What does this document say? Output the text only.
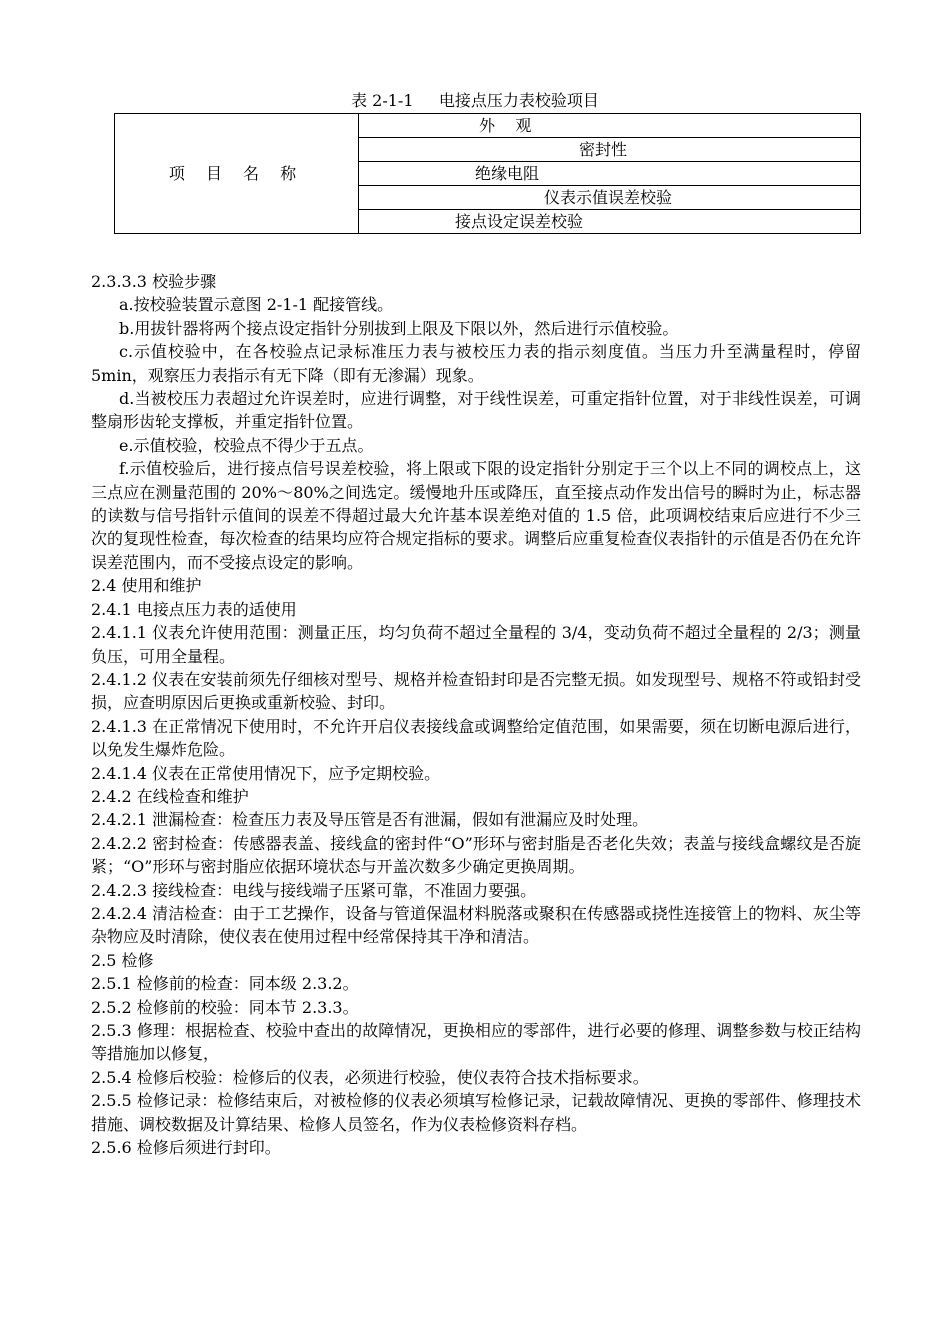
表 2-1-1     电接点压力表校验项目
项 目 名 称	外    观
密封性
绝缘电阻
仪表示值误差校验
接点设定误差校验

2.3.3.3 校验步骤

a.按校验装置示意图 2-1-1 配接管线。

b.用拔针器将两个接点设定指针分别拔到上限及下限以外，然后进行示值校验。

c.示值校验中，在各校验点记录标准压力表与被校压力表的指示刻度值。当压力升至满量程时，停留 5min，观察压力表指示有无下降（即有无渗漏）现象。

d.当被校压力表超过允许误差时，应进行调整，对于线性误差，可重定指针位置，对于非线性误差，可调整扇形齿轮支撑板，并重定指针位置。

e.示值校验，校验点不得少于五点。

f.示值校验后，进行接点信号误差校验，将上限或下限的设定指针分别定于三个以上不同的调校点上，这三点应在测量范围的 20%～80%之间选定。缓慢地升压或降压，直至接点动作发出信号的瞬时为止，标志器的读数与信号指针示值间的误差不得超过最大允许基本误差绝对值的 1.5 倍，此项调校结束后应进行不少三次的复现性检查，每次检查的结果均应符合规定指标的要求。调整后应重复检查仪表指针的示值是否仍在允许误差范围内，而不受接点设定的影响。

2.4 使用和维护

2.4.1 电接点压力表的适使用

2.4.1.1 仪表允许使用范围：测量正压，均匀负荷不超过全量程的 3/4，变动负荷不超过全量程的 2/3；测量负压，可用全量程。

2.4.1.2 仪表在安装前须先仔细核对型号、规格并检查铅封印是否完整无损。如发现型号、规格不符或铅封受损，应查明原因后更换或重新校验、封印。

2.4.1.3 在正常情况下使用时，不允许开启仪表接线盒或调整给定值范围，如果需要，须在切断电源后进行，以免发生爆炸危险。

2.4.1.4 仪表在正常使用情况下，应予定期校验。

2.4.2 在线检查和维护

2.4.2.1 泄漏检查：检查压力表及导压管是否有泄漏，假如有泄漏应及时处理。

2.4.2.2 密封检查：传感器表盖、接线盒的密封件“O”形环与密封脂是否老化失效；表盖与接线盒螺纹是否旋紧；“O”形环与密封脂应依据环境状态与开盖次数多少确定更换周期。

2.4.2.3 接线检查：电线与接线端子压紧可靠，不准固力要强。

2.4.2.4 清洁检查：由于工艺操作，设备与管道保温材料脱落或聚积在传感器或挠性连接管上的物料、灰尘等杂物应及时清除，使仪表在使用过程中经常保持其干净和清洁。

2.5 检修

2.5.1 检修前的检查：同本级 2.3.2。

2.5.2 检修前的校验：同本节 2.3.3。

2.5.3 修理：根据检查、校验中查出的故障情况，更换相应的零部件，进行必要的修理、调整参数与校正结构等措施加以修复，

2.5.4 检修后校验：检修后的仪表，必须进行校验，使仪表符合技术指标要求。

2.5.5 检修记录：检修结束后，对被检修的仪表必须填写检修记录，记载故障情况、更换的零部件、修理技术措施、调校数据及计算结果、检修人员签名，作为仪表检修资料存档。

2.5.6 检修后须进行封印。
